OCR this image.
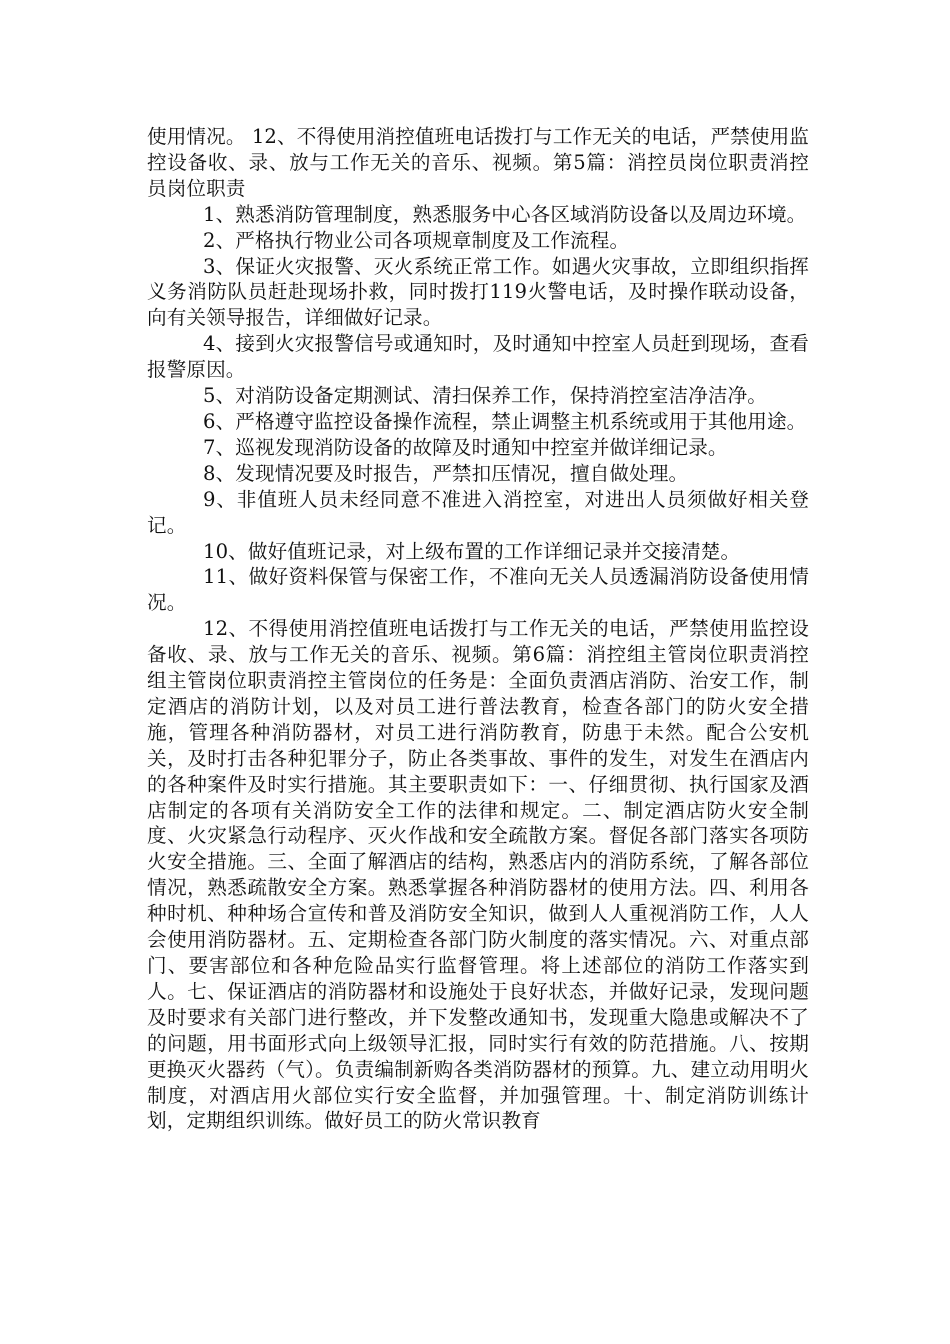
使用情况。 12、不得使用消控值班电话拨打与工作无关的电话，严禁使用监控设备收、录、放与工作无关的音乐、视频。第5篇：消控员岗位职责消控员岗位职责

1、熟悉消防管理制度，熟悉服务中心各区域消防设备以及周边环境。

2、严格执行物业公司各项规章制度及工作流程。

3、保证火灾报警、灭火系统正常工作。如遇火灾事故，立即组织指挥义务消防队员赶赴现场扑救，同时拨打119火警电话，及时操作联动设备，向有关领导报告，详细做好记录。

4、接到火灾报警信号或通知时，及时通知中控室人员赶到现场，查看报警原因。

5、对消防设备定期测试、清扫保养工作，保持消控室洁净洁净。

6、严格遵守监控设备操作流程，禁止调整主机系统或用于其他用途。

7、巡视发现消防设备的故障及时通知中控室并做详细记录。

8、发现情况要及时报告，严禁扣压情况，擅自做处理。

9、非值班人员未经同意不准进入消控室，对进出人员须做好相关登记。

10、做好值班记录，对上级布置的工作详细记录并交接清楚。

11、做好资料保管与保密工作，不准向无关人员透漏消防设备使用情况。

12、不得使用消控值班电话拨打与工作无关的电话，严禁使用监控设备收、录、放与工作无关的音乐、视频。第6篇：消控组主管岗位职责消控组主管岗位职责消控主管岗位的任务是：全面负责酒店消防、治安工作，制定酒店的消防计划，以及对员工进行普法教育，检查各部门的防火安全措施，管理各种消防器材，对员工进行消防教育，防患于未然。配合公安机关，及时打击各种犯罪分子，防止各类事故、事件的发生，对发生在酒店内的各种案件及时实行措施。其主要职责如下：一、仔细贯彻、执行国家及酒店制定的各项有关消防安全工作的法律和规定。二、制定酒店防火安全制度、火灾紧急行动程序、灭火作战和安全疏散方案。督促各部门落实各项防火安全措施。三、全面了解酒店的结构，熟悉店内的消防系统，了解各部位情况，熟悉疏散安全方案。熟悉掌握各种消防器材的使用方法。四、利用各种时机、种种场合宣传和普及消防安全知识，做到人人重视消防工作，人人会使用消防器材。五、定期检查各部门防火制度的落实情况。六、对重点部门、要害部位和各种危险品实行监督管理。将上述部位的消防工作落实到人。七、保证酒店的消防器材和设施处于良好状态，并做好记录，发现问题及时要求有关部门进行整改，并下发整改通知书，发现重大隐患或解决不了的问题，用书面形式向上级领导汇报，同时实行有效的防范措施。八、按期更换灭火器药（气）。负责编制新购各类消防器材的预算。九、建立动用明火制度，对酒店用火部位实行安全监督，并加强管理。十、制定消防训练计划，定期组织训练。做好员工的防火常识教育
